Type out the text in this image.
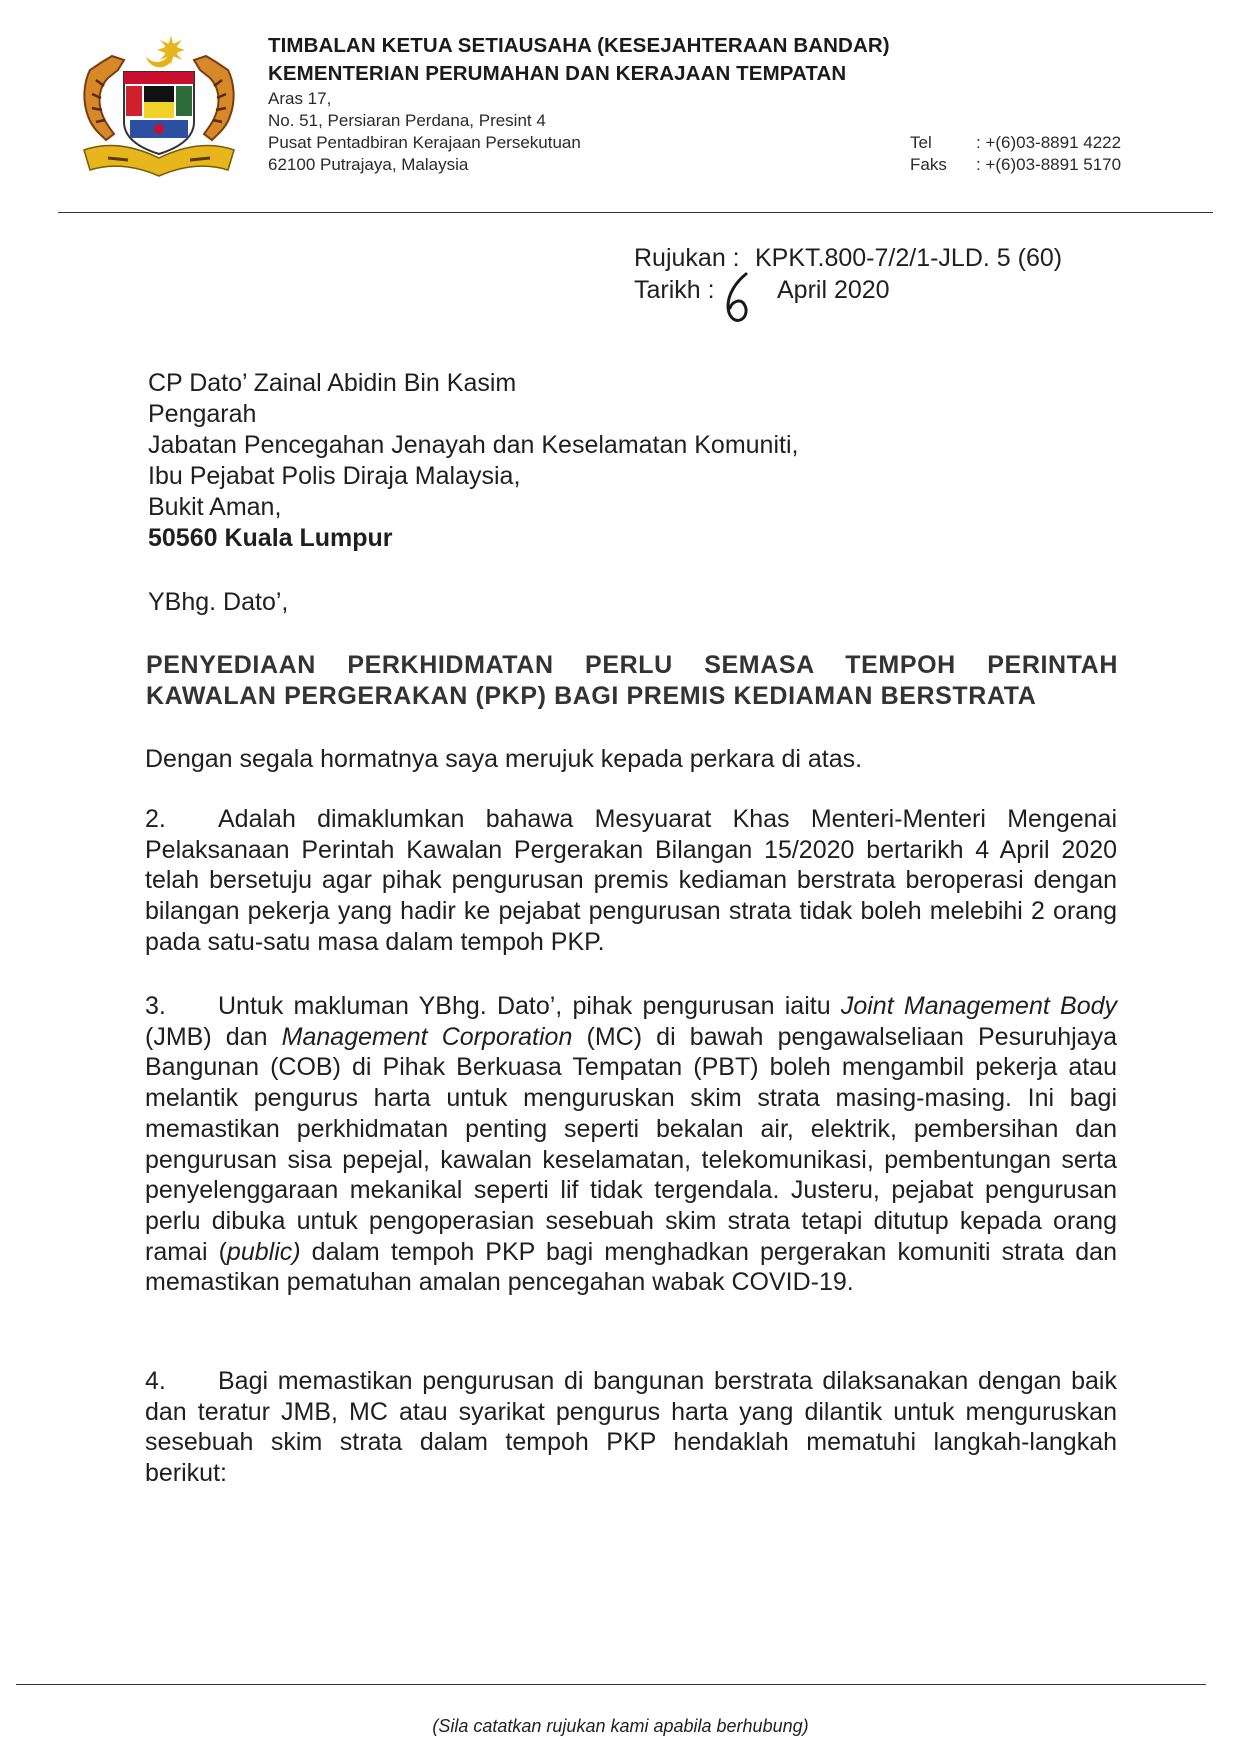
TIMBALAN KETUA SETIAUSAHA (KESEJAHTERAAN BANDAR)
KEMENTERIAN PERUMAHAN DAN KERAJAAN TEMPATAN
Aras 17,
No. 51, Persiaran Perdana, Presint 4
Pusat Pentadbiran Kerajaan Persekutuan
62100 Putrajaya, Malaysia
Tel	: +(6)03-8891 4222
Faks : +(6)03-8891 5170
Rujukan : KPKT.800-7/2/1-JLD. 5 (60)
Tarikh : April 2020
CP Dato’ Zainal Abidin Bin Kasim
Pengarah
Jabatan Pencegahan Jenayah dan Keselamatan Komuniti,
Ibu Pejabat Polis Diraja Malaysia,
Bukit Aman,
50560 Kuala Lumpur
YBhg. Dato’,
PENYEDIAAN PERKHIDMATAN PERLU SEMASA TEMPOH PERINTAH
KAWALAN PERGERAKAN (PKP) BAGI PREMIS KEDIAMAN BERSTRATA
Dengan segala hormatnya saya merujuk kepada perkara di atas.
2. Adalah dimaklumkan bahawa Mesyuarat Khas Menteri-Menteri Mengenai Pelaksanaan Perintah Kawalan Pergerakan Bilangan 15/2020 bertarikh 4 April 2020 telah bersetuju agar pihak pengurusan premis kediaman berstrata beroperasi dengan bilangan pekerja yang hadir ke pejabat pengurusan strata tidak boleh melebihi 2 orang pada satu-satu masa dalam tempoh PKP.
3. Untuk makluman YBhg. Dato’, pihak pengurusan iaitu Joint Management Body (JMB) dan Management Corporation (MC) di bawah pengawalseliaan Pesuruhjaya Bangunan (COB) di Pihak Berkuasa Tempatan (PBT) boleh mengambil pekerja atau melantik pengurus harta untuk menguruskan skim strata masing-masing. Ini bagi memastikan perkhidmatan penting seperti bekalan air, elektrik, pembersihan dan pengurusan sisa pepejal, kawalan keselamatan, telekomunikasi, pembentungan serta penyelenggaraan mekanikal seperti lif tidak tergendala. Justeru, pejabat pengurusan perlu dibuka untuk pengoperasian sesebuah skim strata tetapi ditutup kepada orang ramai (public) dalam tempoh PKP bagi menghadkan pergerakan komuniti strata dan memastikan pematuhan amalan pencegahan wabak COVID-19.
4. Bagi memastikan pengurusan di bangunan berstrata dilaksanakan dengan baik dan teratur JMB, MC atau syarikat pengurus harta yang dilantik untuk menguruskan sesebuah skim strata dalam tempoh PKP hendaklah mematuhi langkah-langkah berikut:
(Sila catatkan rujukan kami apabila berhubung)
